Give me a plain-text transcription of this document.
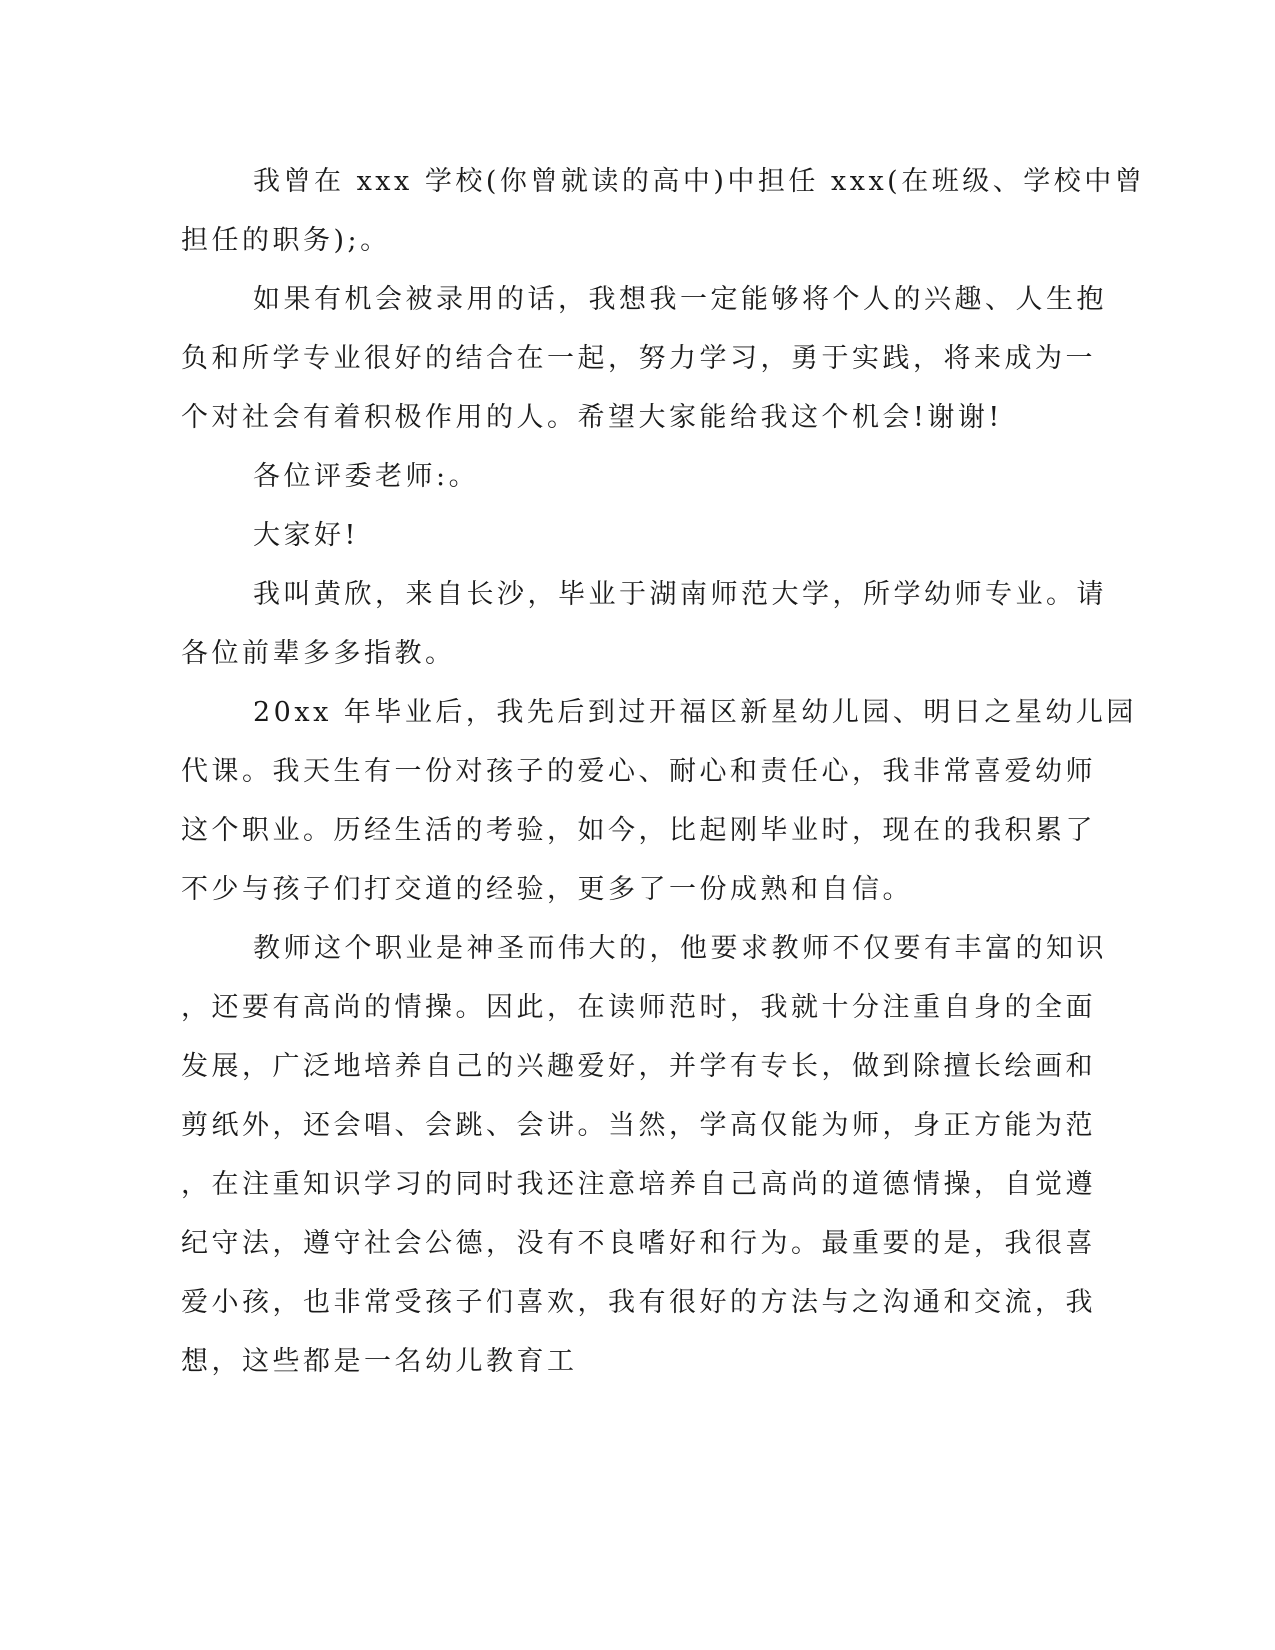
我曾在 xxx 学校(你曾就读的高中)中担任 xxx(在班级、学校中曾
担任的职务);。
如果有机会被录用的话，我想我一定能够将个人的兴趣、人生抱
负和所学专业很好的结合在一起，努力学习，勇于实践，将来成为一
个对社会有着积极作用的人。希望大家能给我这个机会!谢谢!
各位评委老师:。
大家好!
我叫黄欣，来自长沙，毕业于湖南师范大学，所学幼师专业。请
各位前辈多多指教。
20xx 年毕业后，我先后到过开福区新星幼儿园、明日之星幼儿园
代课。我天生有一份对孩子的爱心、耐心和责任心，我非常喜爱幼师
这个职业。历经生活的考验，如今，比起刚毕业时，现在的我积累了
不少与孩子们打交道的经验，更多了一份成熟和自信。
教师这个职业是神圣而伟大的，他要求教师不仅要有丰富的知识
，还要有高尚的情操。因此，在读师范时，我就十分注重自身的全面
发展，广泛地培养自己的兴趣爱好，并学有专长，做到除擅长绘画和
剪纸外，还会唱、会跳、会讲。当然，学高仅能为师，身正方能为范
，在注重知识学习的同时我还注意培养自己高尚的道德情操，自觉遵
纪守法，遵守社会公德，没有不良嗜好和行为。最重要的是，我很喜
爱小孩，也非常受孩子们喜欢，我有很好的方法与之沟通和交流，我
想，这些都是一名幼儿教育工
